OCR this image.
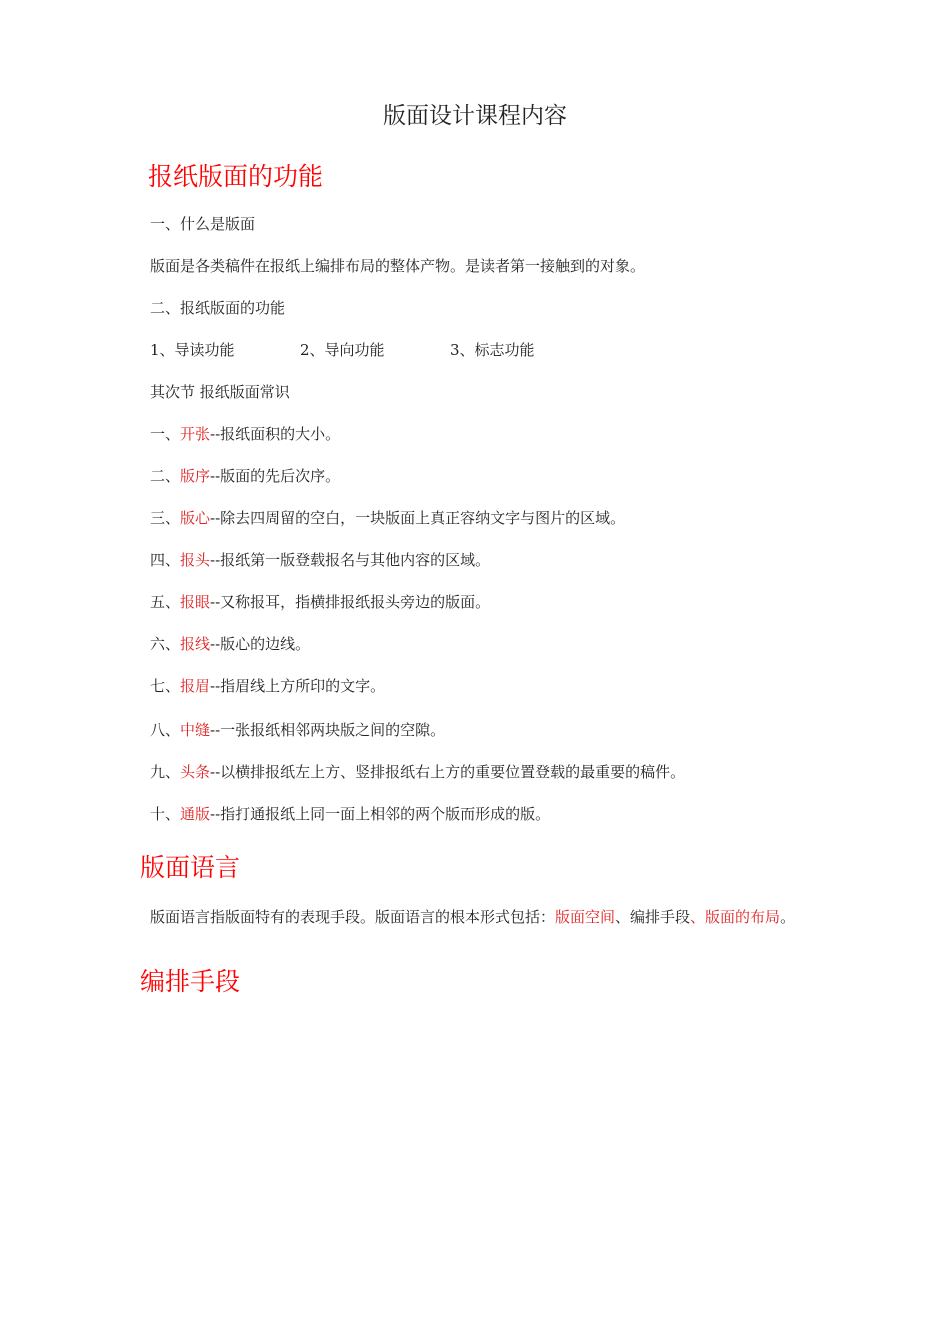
版面设计课程内容
报纸版面的功能
一、什么是版面
版面是各类稿件在报纸上编排布局的整体产物。是读者第一接触到的对象。
二、报纸版面的功能
1、导读功能	2、导向功能	3、标志功能
其次节 报纸版面常识
一、开张--报纸面积的大小。
二、版序--版面的先后次序。
三、版心--除去四周留的空白，一块版面上真正容纳文字与图片的区域。
四、报头--报纸第一版登载报名与其他内容的区域。
五、报眼--又称报耳，指横排报纸报头旁边的版面。
六、报线--版心的边线。
七、报眉--指眉线上方所印的文字。
八、中缝--一张报纸相邻两块版之间的空隙。
九、头条--以横排报纸左上方、竖排报纸右上方的重要位置登载的最重要的稿件。
十、通版--指打通报纸上同一面上相邻的两个版而形成的版。
版面语言
版面语言指版面特有的表现手段。版面语言的根本形式包括：版面空间、编排手段、版面的布局。
编排手段
